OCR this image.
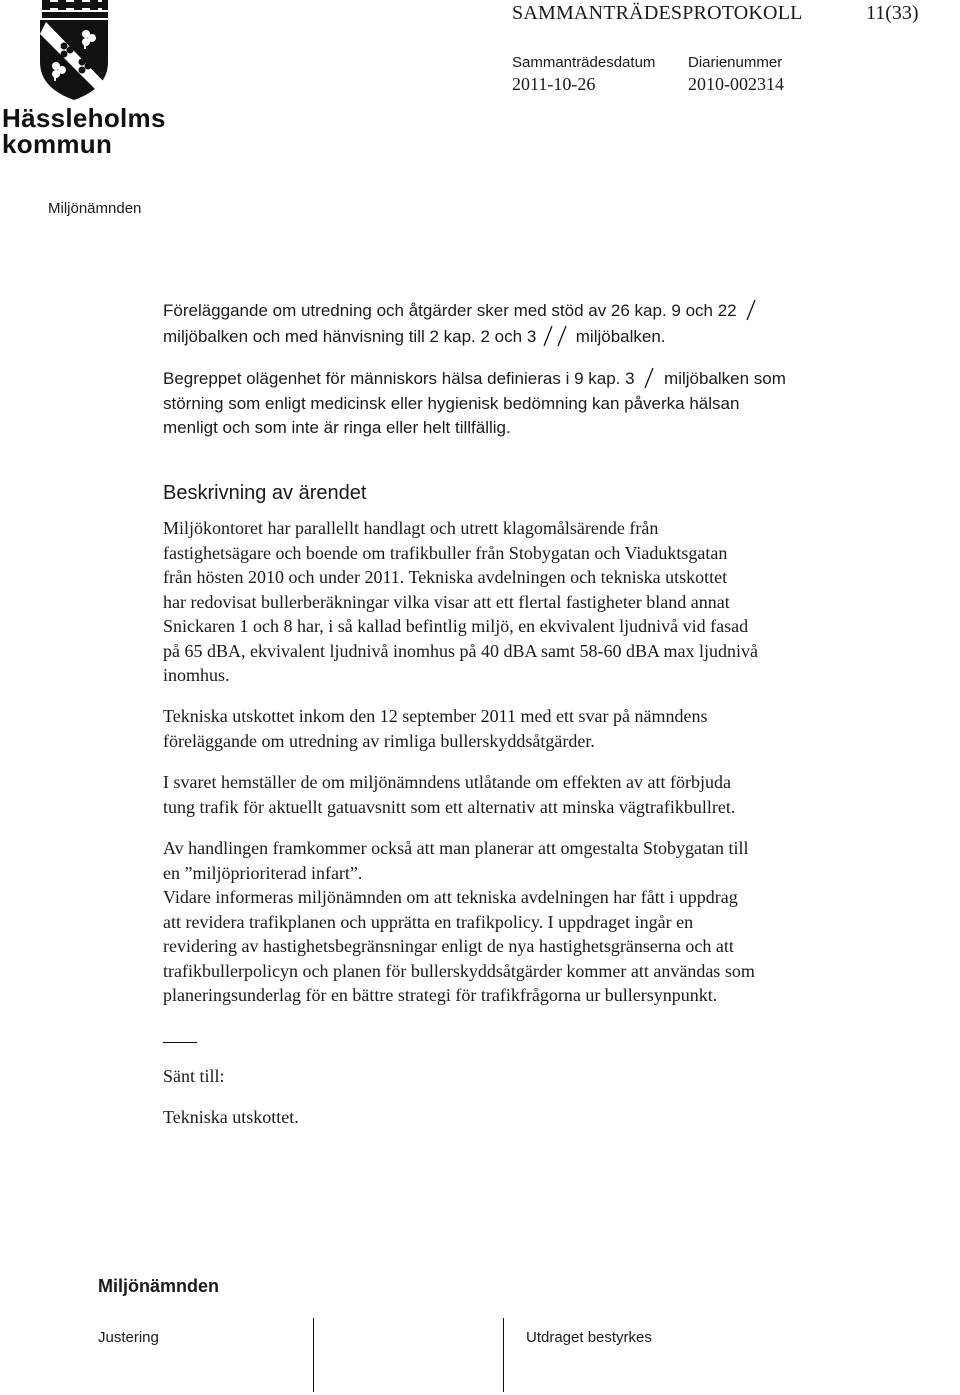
Hässleholms
kommun
SAMMANTRÄDESPROTOKOLL	11(33)
Sammanträdesdatum Diarienummer
2011-10-26	2010-002314
Miljönämnden
Föreläggande om utredning och åtgärder sker med stöd av 26 kap. 9 och 22
miljöbalken och med hänvisning till 2 kap. 2 och 3 miljöbalken.
Begreppet olägenhet för människors hälsa definieras i 9 kap. 3 miljöbalken som
störning som enligt medicinsk eller hygienisk bedömning kan påverka hälsan
menligt och som inte är ringa eller helt tillfällig.
Beskrivning av ärendet
Miljökontoret har parallellt handlagt och utrett klagomålsärende från
fastighetsägare och boende om trafikbuller från Stobygatan och Viaduktsgatan
från hösten 2010 och under 2011. Tekniska avdelningen och tekniska utskottet
har redovisat bullerberäkningar vilka visar att ett flertal fastigheter bland annat
Snickaren 1 och 8 har, i så kallad befintlig miljö, en ekvivalent ljudnivå vid fasad
på 65 dBA, ekvivalent ljudnivå inomhus på 40 dBA samt 58-60 dBA max ljudnivå
inomhus.
Tekniska utskottet inkom den 12 september 2011 med ett svar på nämndens
föreläggande om utredning av rimliga bullerskyddsåtgärder.
I svaret hemställer de om miljönämndens utlåtande om effekten av att förbjuda
tung trafik för aktuellt gatuavsnitt som ett alternativ att minska vägtrafikbullret.
Av handlingen framkommer också att man planerar att omgestalta Stobygatan till
en ”miljöprioriterad infart”.
Vidare informeras miljönämnden om att tekniska avdelningen har fått i uppdrag
att revidera trafikplanen och upprätta en trafikpolicy. I uppdraget ingår en
revidering av hastighetsbegränsningar enligt de nya hastighetsgränserna och att
trafikbullerpolicyn och planen för bullerskyddsåtgärder kommer att användas som
planeringsunderlag för en bättre strategi för trafikfrågorna ur bullersynpunkt.
Sänt till:
Tekniska utskottet.
Miljönämnden
Justering	Utdraget bestyrkes
